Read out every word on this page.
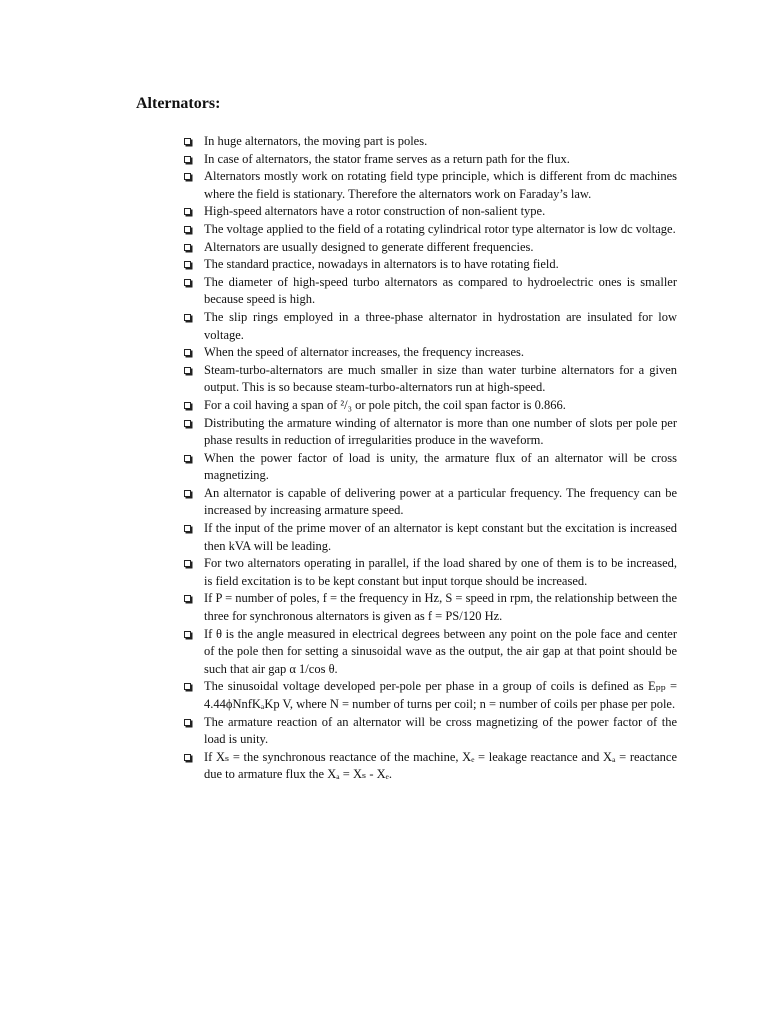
Alternators:
In huge alternators, the moving part is poles.
In case of alternators, the stator frame serves as a return path for the flux.
Alternators mostly work on rotating field type principle, which is different from dc machines where the field is stationary. Therefore the alternators work on Faraday’s law.
High-speed alternators have a rotor construction of non-salient type.
The voltage applied to the field of a rotating cylindrical rotor type alternator is low dc voltage.
Alternators are usually designed to generate different frequencies.
The standard practice, nowadays in alternators is to have rotating field.
The diameter of high-speed turbo alternators as compared to hydroelectric ones is smaller because speed is high.
The slip rings employed in a three-phase alternator in hydrostation are insulated for low voltage.
When the speed of alternator increases, the frequency increases.
Steam-turbo-alternators are much smaller in size than water turbine alternators for a given output. This is so because steam-turbo-alternators run at high-speed.
For a coil having a span of ²/₃ or pole pitch, the coil span factor is 0.866.
Distributing the armature winding of alternator is more than one number of slots per pole per phase results in reduction of irregularities produce in the waveform.
When the power factor of load is unity, the armature flux of an alternator will be cross magnetizing.
An alternator is capable of delivering power at a particular frequency. The frequency can be increased by increasing armature speed.
If the input of the prime mover of an alternator is kept constant but the excitation is increased then kVA will be leading.
For two alternators operating in parallel, if the load shared by one of them is to be increased, is field excitation is to be kept constant but input torque should be increased.
If P = number of poles, f = the frequency in Hz, S = speed in rpm, the relationship between the three for synchronous alternators is given as f = PS/120 Hz.
If θ is the angle measured in electrical degrees between any point on the pole face and center of the pole then for setting a sinusoidal wave as the output, the air gap at that point should be such that air gap α 1/cos θ.
The sinusoidal voltage developed per-pole per phase in a group of coils is defined as Eₚₚ = 4.44ϕNnfKₐKp V, where N = number of turns per coil; n = number of coils per phase per pole.
The armature reaction of an alternator will be cross magnetizing of the power factor of the load is unity.
If Xₛ = the synchronous reactance of the machine, Xₑ = leakage reactance and Xₐ = reactance due to armature flux the Xₐ = Xₛ - Xₑ.
